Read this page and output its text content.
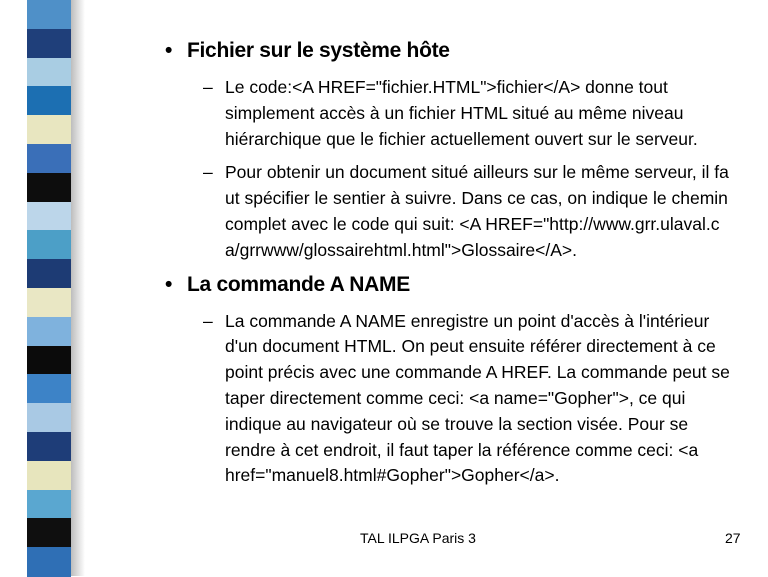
• Fichier sur le système hôte
– Le code:<A HREF="fichier.HTML">fichier</A> donne tout simplement accès à un fichier HTML situé au même niveau hiérarchique que le fichier actuellement ouvert sur le serveur.
– Pour obtenir un document situé ailleurs sur le même serveur, il faut spécifier le sentier à suivre. Dans ce cas, on indique le chemin complet avec le code qui suit: <A HREF="http://www.grr.ulaval.ca/grrwww/glossairehtml.html">Glossaire</A>.
• La commande A NAME
– La commande A NAME enregistre un point d'accès à l'intérieur d'un document HTML. On peut ensuite référer directement à ce point précis avec une commande A HREF. La commande peut se taper directement comme ceci: <a name="Gopher">, ce qui indique au navigateur où se trouve la section visée. Pour se rendre à cet endroit, il faut taper la référence comme ceci: <a href="manuel8.html#Gopher">Gopher</a>.
TAL ILPGA Paris 3	27
